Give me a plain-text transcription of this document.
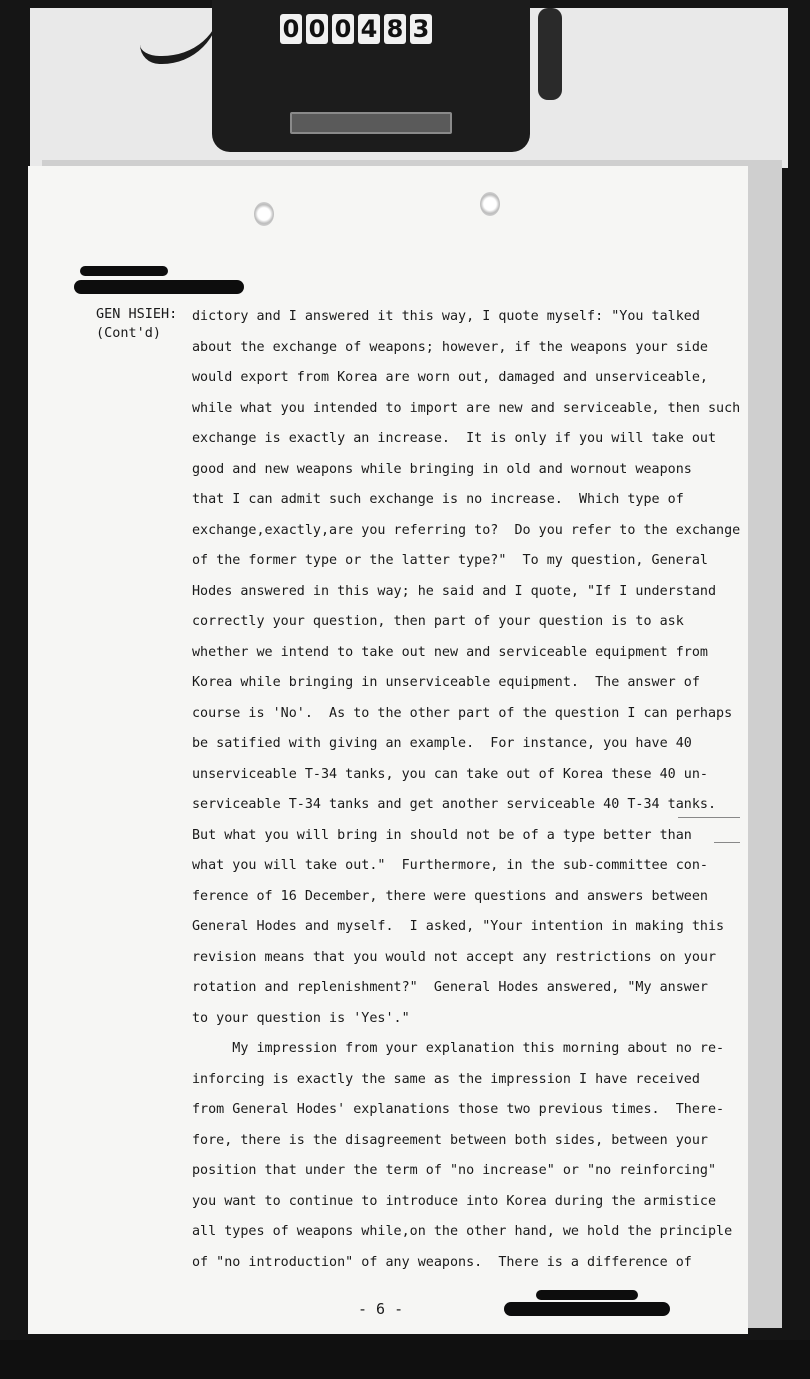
0 0 0 4 8 3
GEN HSIEH:
(Cont'd)
dictory and I answered it this way, I quote myself: "You talked
about the exchange of weapons; however, if the weapons your side
would export from Korea are worn out, damaged and unserviceable,
while what you intended to import are new and serviceable, then such
exchange is exactly an increase.  It is only if you will take out
good and new weapons while bringing in old and wornout weapons
that I can admit such exchange is no increase.  Which type of
exchange,exactly,are you referring to?  Do you refer to the exchange
of the former type or the latter type?"  To my question, General
Hodes answered in this way; he said and I quote, "If I understand
correctly your question, then part of your question is to ask
whether we intend to take out new and serviceable equipment from
Korea while bringing in unserviceable equipment.  The answer of
course is 'No'.  As to the other part of the question I can perhaps
be satified with giving an example.  For instance, you have 40
unserviceable T-34 tanks, you can take out of Korea these 40 un-
serviceable T-34 tanks and get another serviceable 40 T-34 tanks.
But what you will bring in should not be of a type better than
what you will take out."  Furthermore, in the sub-committee con-
ference of 16 December, there were questions and answers between
General Hodes and myself.  I asked, "Your intention in making this
revision means that you would not accept any restrictions on your
rotation and replenishment?"  General Hodes answered, "My answer
to your question is 'Yes'."
My impression from your explanation this morning about no re-
inforcing is exactly the same as the impression I have received
from General Hodes' explanations those two previous times.  There-
fore, there is the disagreement between both sides, between your
position that under the term of "no increase" or "no reinforcing"
you want to continue to introduce into Korea during the armistice
all types of weapons while,on the other hand, we hold the principle
of "no introduction" of any weapons.  There is a difference of
- 6 -
